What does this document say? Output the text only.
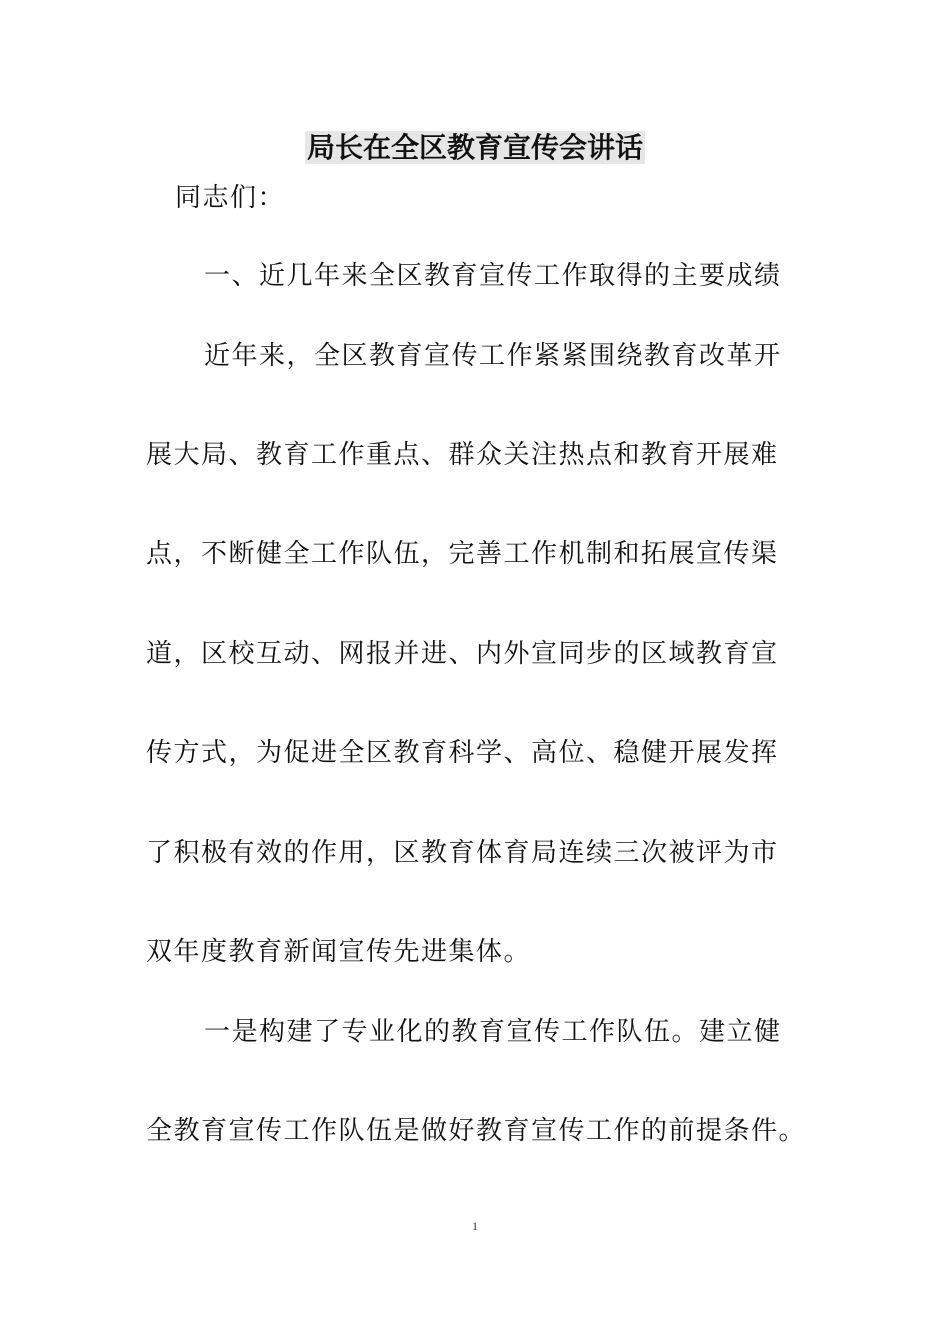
局长在全区教育宣传会讲话

同志们：

一、近几年来全区教育宣传工作取得的主要成绩

近年来，全区教育宣传工作紧紧围绕教育改革开

展大局、教育工作重点、群众关注热点和教育开展难

点，不断健全工作队伍，完善工作机制和拓展宣传渠

道，区校互动、网报并进、内外宣同步的区域教育宣

传方式，为促进全区教育科学、高位、稳健开展发挥

了积极有效的作用，区教育体育局连续三次被评为市

双年度教育新闻宣传先进集体。

一是构建了专业化的教育宣传工作队伍。建立健

全教育宣传工作队伍是做好教育宣传工作的前提条件。

1
